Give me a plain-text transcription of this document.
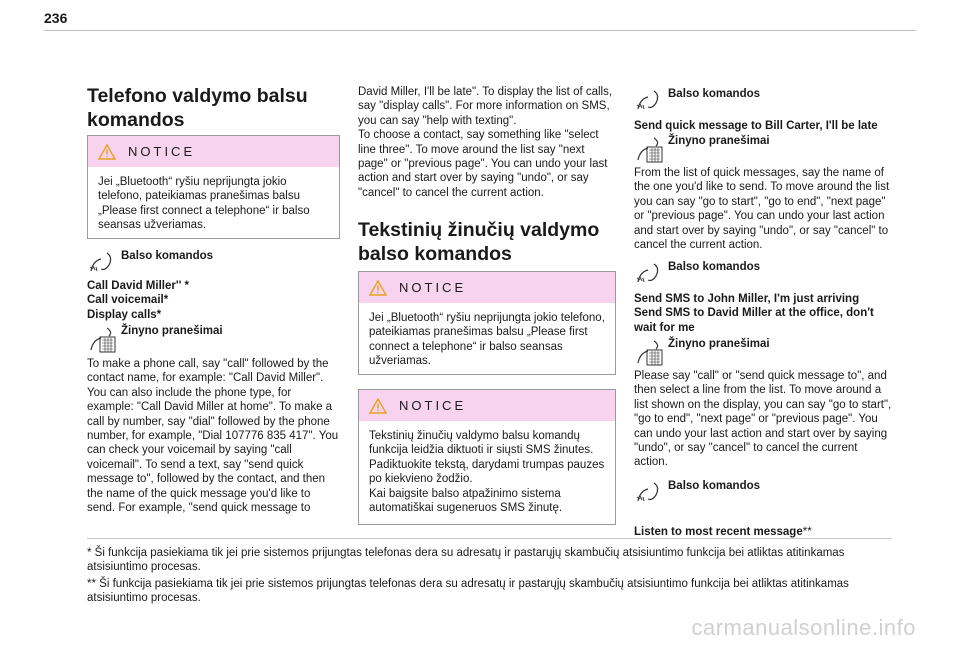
236
Telefono valdymo balsu komandos
NOTICE
Jei „Bluetooth“ ryšiu neprijungta jokio telefono, pateikiamas pranešimas balsu „Please first connect a telephone“ ir balso seansas užveriamas.
Balso komandos
Call David Miller'' *
Call voicemail*
Display calls*
Žinyno pranešimai
To make a phone call, say "call" followed by the contact name, for example: "Call David Miller". You can also include the phone type, for example: "Call David Miller at home". To make a call by number, say "dial" followed by the phone number, for example, "Dial 107776 835 417". You can check your voicemail by saying "call voicemail". To send a text, say "send quick message to", followed by the contact, and then the name of the quick message you'd like to send. For example, "send quick message to
David Miller, I'll be late". To display the list of calls, say "display calls". For more information on SMS, you can say "help with texting".
To choose a contact, say something like "select line three". To move around the list say "next page" or "previous page". You can undo your last action and start over by saying "undo", or say "cancel" to cancel the current action.
Tekstinių žinučių valdymo balso komandos
NOTICE
Jei „Bluetooth“ ryšiu neprijungta jokio telefono, pateikiamas pranešimas balsu „Please first connect a telephone“ ir balso seansas užveriamas.
NOTICE
Tekstinių žinučių valdymo balsu komandų funkcija leidžia diktuoti ir siųsti SMS žinutes. Padiktuokite tekstą, darydami trumpas pauzes po kiekvieno žodžio.
Kai baigsite balso atpažinimo sistema automatiškai sugeneruos SMS žinutę.
Balso komandos
Send quick message to Bill Carter, I'll be late
Žinyno pranešimai
From the list of quick messages, say the name of the one you'd like to send. To move around the list you can say "go to start", "go to end", "next page" or "previous page". You can undo your last action and start over by saying "undo", or say "cancel" to cancel the current action.
Balso komandos
Send SMS to John Miller, I'm just arriving
Send SMS to David Miller at the office, don't wait for me
Žinyno pranešimai
Please say "call" or "send quick message to", and then select a line from the list. To move around a list shown on the display, you can say "go to start", "go to end", "next page" or "previous page". You can undo your last action and start over by saying "undo", or say "cancel" to cancel the current action.
Balso komandos

Listen to most recent message**

* Ši funkcija pasiekiama tik jei prie sistemos prijungtas telefonas dera su adresatų ir pastarųjų skambučių atsisiuntimo funkcija bei atliktas atitinkamas atsisiuntimo procesas.
** Ši funkcija pasiekiama tik jei prie sistemos prijungtas telefonas dera su adresatų ir pastarųjų skambučių atsisiuntimo funkcija bei atliktas atitinkamas atsisiuntimo procesas.
carmanualsonline.info
